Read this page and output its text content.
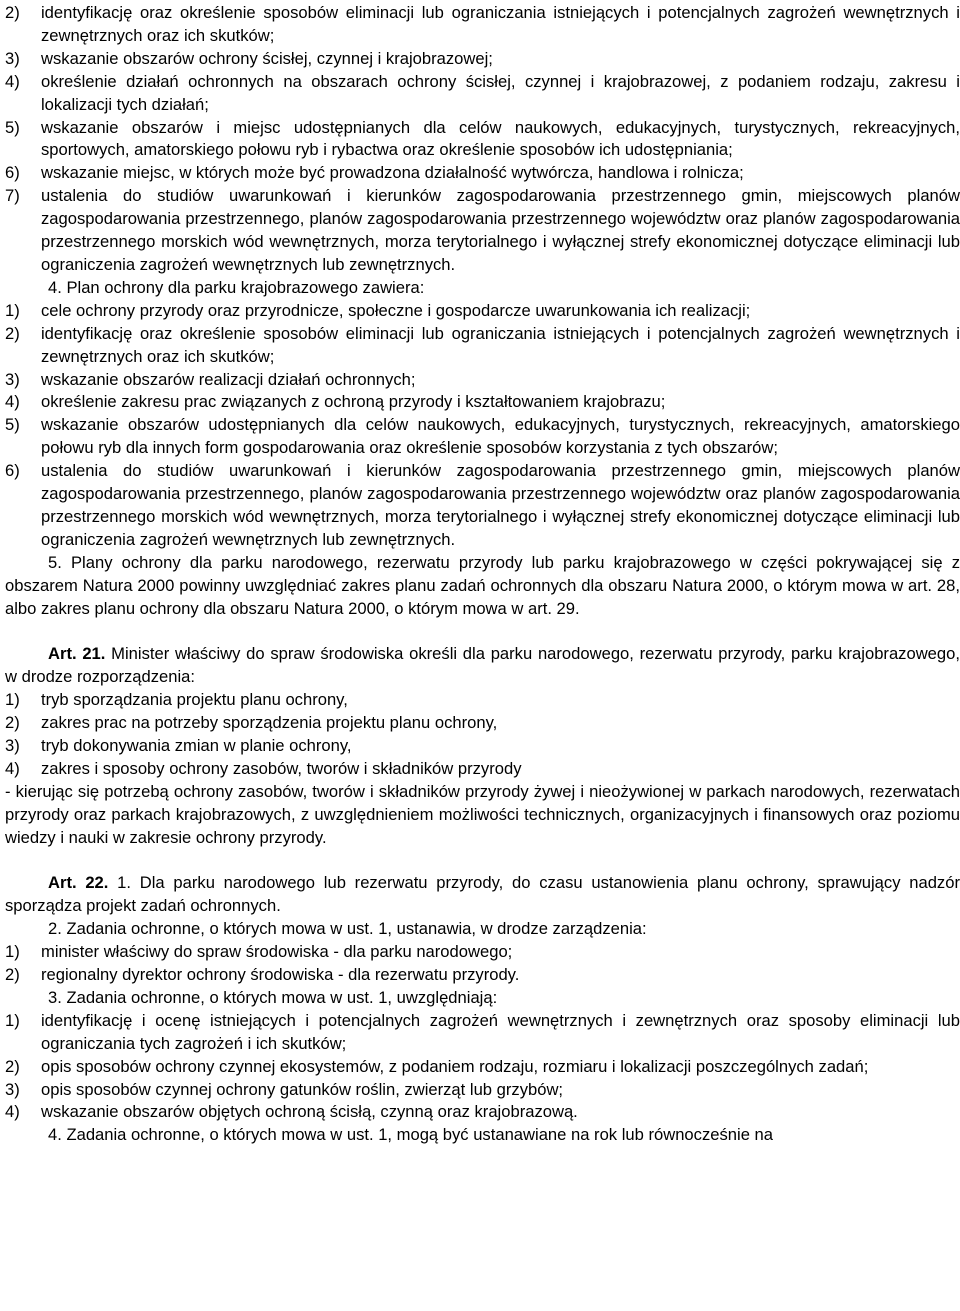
2) identyfikację oraz określenie sposobów eliminacji lub ograniczania istniejących i potencjalnych zagrożeń wewnętrznych i zewnętrznych oraz ich skutków;
3) wskazanie obszarów ochrony ścisłej, czynnej i krajobrazowej;
4) określenie działań ochronnych na obszarach ochrony ścisłej, czynnej i krajobrazowej, z podaniem rodzaju, zakresu i lokalizacji tych działań;
5) wskazanie obszarów i miejsc udostępnianych dla celów naukowych, edukacyjnych, turystycznych, rekreacyjnych, sportowych, amatorskiego połowu ryb i rybactwa oraz określenie sposobów ich udostępniania;
6) wskazanie miejsc, w których może być prowadzona działalność wytwórcza, handlowa i rolnicza;
7) ustalenia do studiów uwarunkowań i kierunków zagospodarowania przestrzennego gmin, miejscowych planów zagospodarowania przestrzennego, planów zagospodarowania przestrzennego województw oraz planów zagospodarowania przestrzennego morskich wód wewnętrznych, morza terytorialnego i wyłącznej strefy ekonomicznej dotyczące eliminacji lub ograniczenia zagrożeń wewnętrznych lub zewnętrznych.
4. Plan ochrony dla parku krajobrazowego zawiera:
1) cele ochrony przyrody oraz przyrodnicze, społeczne i gospodarcze uwarunkowania ich realizacji;
2) identyfikację oraz określenie sposobów eliminacji lub ograniczania istniejących i potencjalnych zagrożeń wewnętrznych i zewnętrznych oraz ich skutków;
3) wskazanie obszarów realizacji działań ochronnych;
4) określenie zakresu prac związanych z ochroną przyrody i kształtowaniem krajobrazu;
5) wskazanie obszarów udostępnianych dla celów naukowych, edukacyjnych, turystycznych, rekreacyjnych, amatorskiego połowu ryb dla innych form gospodarowania oraz określenie sposobów korzystania z tych obszarów;
6) ustalenia do studiów uwarunkowań i kierunków zagospodarowania przestrzennego gmin, miejscowych planów zagospodarowania przestrzennego, planów zagospodarowania przestrzennego województw oraz planów zagospodarowania przestrzennego morskich wód wewnętrznych, morza terytorialnego i wyłącznej strefy ekonomicznej dotyczące eliminacji lub ograniczenia zagrożeń wewnętrznych lub zewnętrznych.
5. Plany ochrony dla parku narodowego, rezerwatu przyrody lub parku krajobrazowego w części pokrywającej się z obszarem Natura 2000 powinny uwzględniać zakres planu zadań ochronnych dla obszaru Natura 2000, o którym mowa w art. 28, albo zakres planu ochrony dla obszaru Natura 2000, o którym mowa w art. 29.
Art. 21. Minister właściwy do spraw środowiska określi dla parku narodowego, rezerwatu przyrody, parku krajobrazowego, w drodze rozporządzenia:
1) tryb sporządzania projektu planu ochrony,
2) zakres prac na potrzeby sporządzenia projektu planu ochrony,
3) tryb dokonywania zmian w planie ochrony,
4) zakres i sposoby ochrony zasobów, tworów i składników przyrody
- kierując się potrzebą ochrony zasobów, tworów i składników przyrody żywej i nieożywionej w parkach narodowych, rezerwatach przyrody oraz parkach krajobrazowych, z uwzględnieniem możliwości technicznych, organizacyjnych i finansowych oraz poziomu wiedzy i nauki w zakresie ochrony przyrody.
Art. 22. 1. Dla parku narodowego lub rezerwatu przyrody, do czasu ustanowienia planu ochrony, sprawujący nadzór sporządza projekt zadań ochronnych.
2. Zadania ochronne, o których mowa w ust. 1, ustanawia, w drodze zarządzenia:
1) minister właściwy do spraw środowiska - dla parku narodowego;
2) regionalny dyrektor ochrony środowiska - dla rezerwatu przyrody.
3. Zadania ochronne, o których mowa w ust. 1, uwzględniają:
1) identyfikację i ocenę istniejących i potencjalnych zagrożeń wewnętrznych i zewnętrznych oraz sposoby eliminacji lub ograniczania tych zagrożeń i ich skutków;
2) opis sposobów ochrony czynnej ekosystemów, z podaniem rodzaju, rozmiaru i lokalizacji poszczególnych zadań;
3) opis sposobów czynnej ochrony gatunków roślin, zwierząt lub grzybów;
4) wskazanie obszarów objętych ochroną ścisłą, czynną oraz krajobrazową.
4. Zadania ochronne, o których mowa w ust. 1, mogą być ustanawiane na rok lub równocześnie na
